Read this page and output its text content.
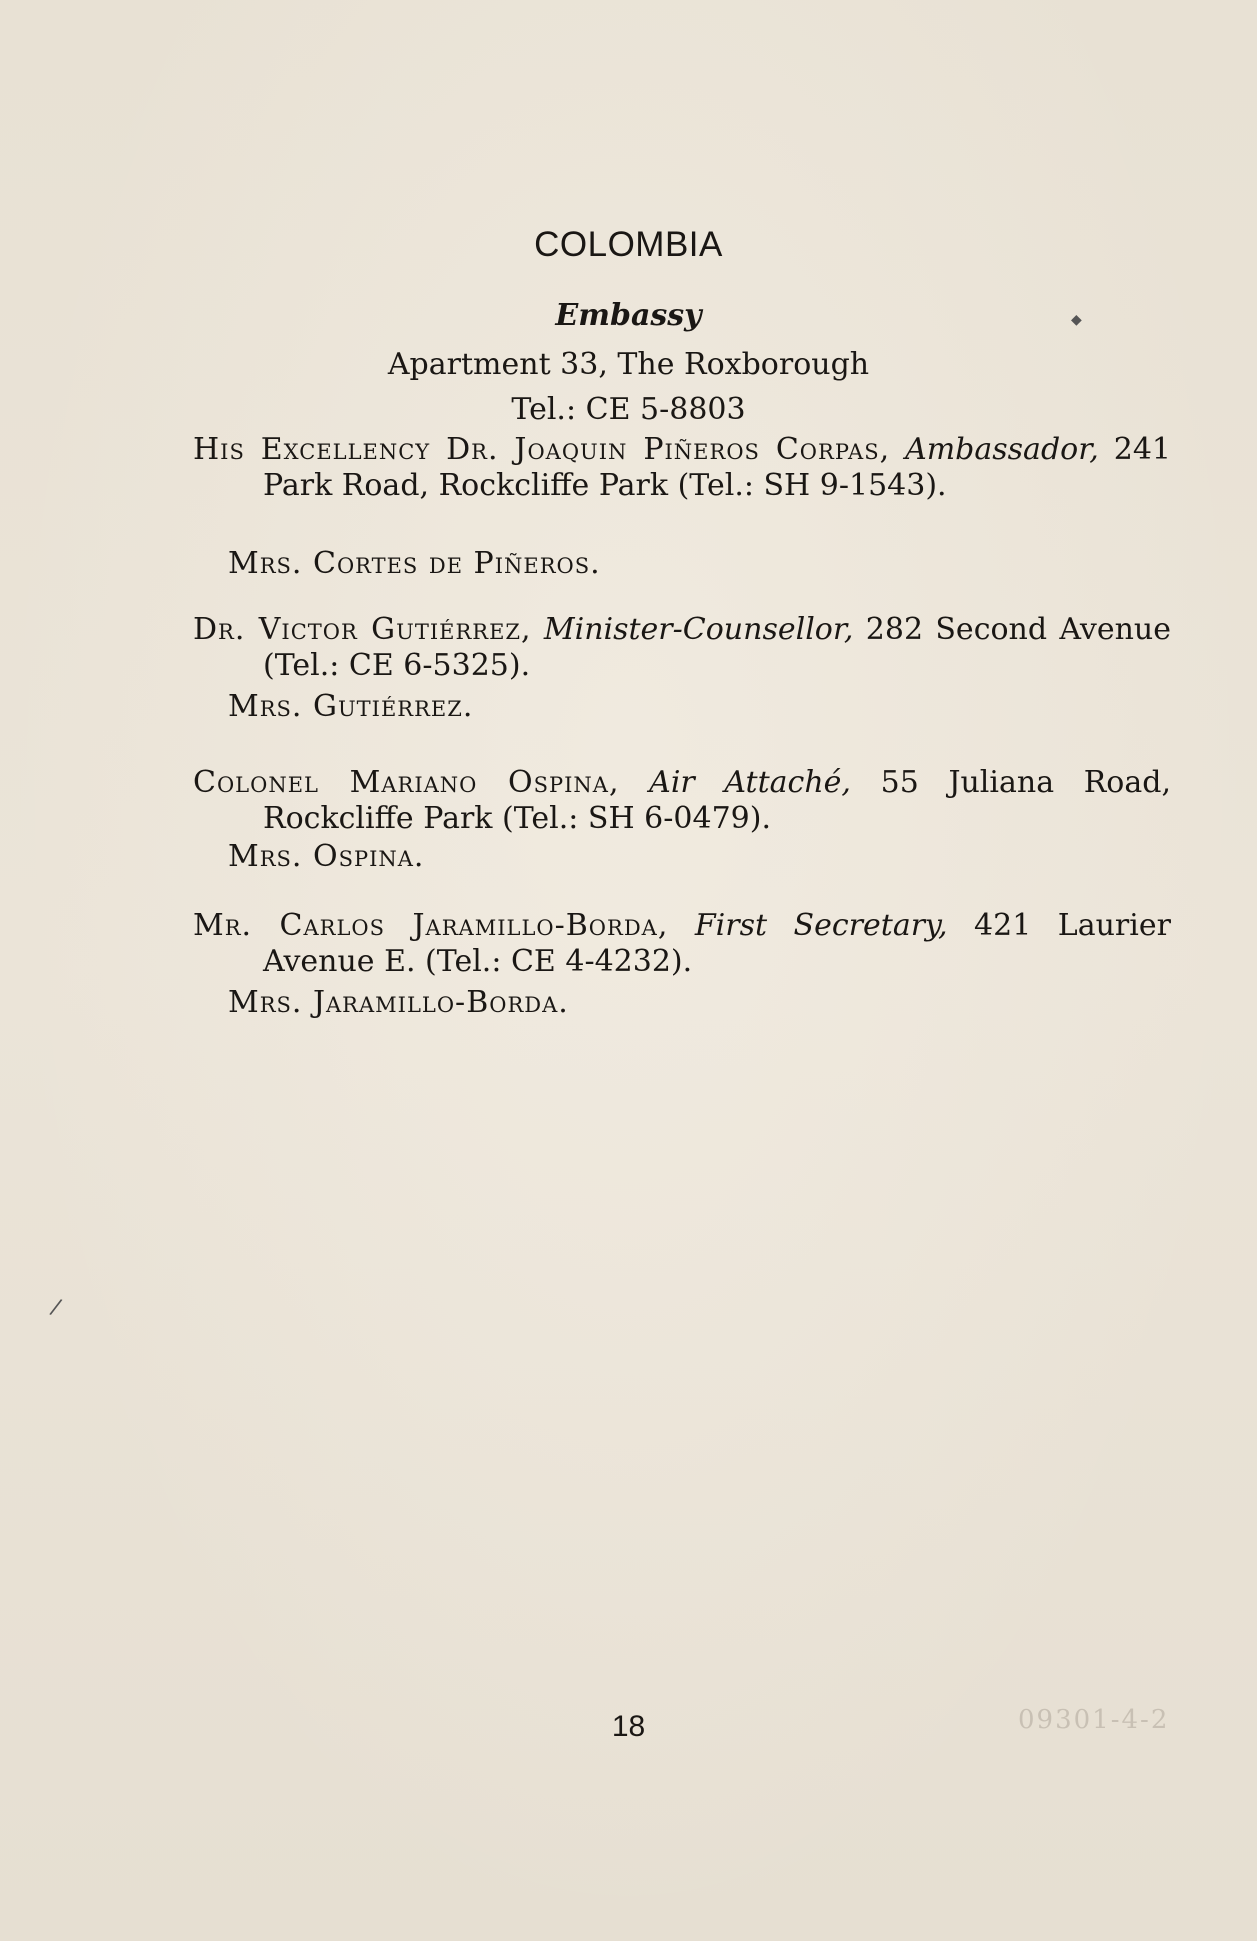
09301-4-2
◆
/
COLOMBIA
Embassy
Apartment 33, The Roxborough
Tel.: CE 5-8803
His Excellency Dr. Joaquin Piñeros Corpas, Ambassador, 241 Park Road, Rockcliffe Park (Tel.: SH 9-1543).
Mrs. Cortes de Piñeros.
Dr. Victor Gutiérrez, Minister-Counsellor, 282 Second Avenue (Tel.: CE 6-5325).
Mrs. Gutiérrez.
Colonel Mariano Ospina, Air Attaché, 55 Juliana Road, Rockcliffe Park (Tel.: SH 6-0479).
Mrs. Ospina.
Mr. Carlos Jaramillo-Borda, First Secretary, 421 Laurier Avenue E. (Tel.: CE 4-4232).
Mrs. Jaramillo-Borda.
18
